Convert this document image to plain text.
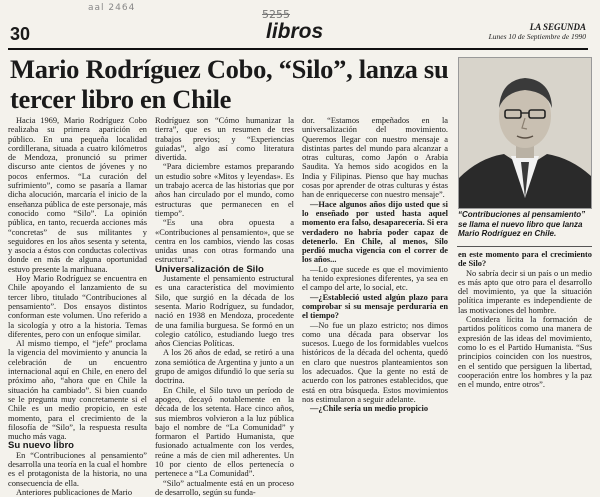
aal 2464	5255
30	libros	LA SEGUNDA
Lunes 10 de Septiembre de 1990
Mario Rodríguez Cobo, “Silo”, lanza su tercer libro en Chile
“Contribuciones al pensamiento” se llama el nuevo libro que lanza Mario Rodríguez en Chile.

Hacia 1969, Mario Rodríguez Cobo realizaba su primera aparición en público. En una pequeña localidad cordillerana, situada a cuatro kilómetros de Mendoza, pronunció su primer discurso ante cientos de jóvenes y no pocos enfermos. “La curación del sufrimiento”, como se pasaría a llamar dicha alocución, marcaría el inicio de la enseñanza pública de este personaje, más conocido como “Silo”. La opinión pública, en tanto, recuerda acciones más “concretas” de sus militantes y seguidores en los años sesenta y setenta, y asocia a éstos con conductas colectivas donde en más de alguna oportunidad estuvo presente la marihuana.

Hoy Mario Rodríguez se encuentra en Chile apoyando el lanzamiento de su tercer libro, titulado “Contribuciones al pensamiento”. Dos ensayos distintos conforman este volumen. Uno referido a la sicología y otro a la historia. Temas diferentes, pero con un enfoque similar.

Al mismo tiempo, el “jefe” proclama la vigencia del movimiento y anuncia la celebración de un encuentro internacional aquí en Chile, en enero del próximo año, “ahora que en Chile la situación ha cambiado”. Si bien cuando se le pregunta muy concretamente si el Chile es un medio propicio, en este momento, para el crecimiento de la filosofía de “Silo”, la respuesta resulta mucho más vaga.

Su nuevo libro

En “Contribuciones al pensamiento” desarrolla una teoría en la cual el hombre es el protagonista de la historia, no una consecuencia de ella.

Anteriores publicaciones de Mario

Rodríguez son “Cómo humanizar la tierra”, que es un resumen de tres trabajos previos; y “Experiencias guiadas”, algo así como literatura divertida.

“Para diciembre estamos preparando un estudio sobre «Mitos y leyendas». Es un trabajo acerca de las historias que por años han circulado por el mundo, como estructuras que permanecen en el tiempo”.

“Es una obra opuesta a «Contribuciones al pensamiento», que se centra en los cambios, viendo las cosas unidas unas con otras formando una estructura”.

Universalización de Silo

Justamente el pensamiento estructural es una característica del movimiento Silo, que surgió en la década de los sesenta. Mario Rodríguez, su fundador, nació en 1938 en Mendoza, procedente de una familia burguesa. Se formó en un colegio católico, estudiando luego tres años Ciencias Políticas.

A los 26 años de edad, se retiró a una zona semiótica de Argentina y junto a un grupo de amigos difundió lo que sería su doctrina.

En Chile, el Silo tuvo un período de apogeo, decayó notablemente en la década de los setenta. Hace cinco años, sus miembros volvieron a la luz pública bajo el nombre de “La Comunidad” y formaron el Partido Humanista, que fusionado actualmente con los verdes, reúne a más de cien mil adherentes. Un 10 por ciento de ellos pertenecía o pertenece a “La Comunidad”.

“Silo” actualmente está en un proceso de desarrollo, según su funda-

dor. “Estamos empeñados en la universalización del movimiento. Queremos llegar con nuestro mensaje a distintas partes del mundo para alcanzar a otras culturas, como Japón o Arabia Saudita. Ya hemos sido acogidos en la India y Filipinas. Pienso que hay muchas cosas por aprender de otras culturas y éstas han de enriquecerse con nuestro mensaje”.

—Hace algunos años dijo usted que si lo enseñado por usted hasta aquel momento era falso, desaparecería. Si era verdadero no habría poder capaz de detenerlo. En Chile, al menos, Silo perdió mucha vigencia con el correr de los años...

—Lo que sucede es que el movimiento ha tenido expresiones diferentes, ya sea en el campo del arte, lo social, etc.

—¿Estableció usted algún plazo para comprobar si su mensaje perduraría en el tiempo?

—No fue un plazo estricto; nos dimos como una década para observar los sucesos. Luego de los formidables vuelcos históricos de la década del ochenta, quedó en claro que nuestros planteamientos son los adecuados. Que la gente no está de acuerdo con los patrones establecidos, que está en otra búsqueda. Estos movimientos nos estimularon a seguir adelante.

—¿Chile sería un medio propicio

en este momento para el crecimiento de Silo?

No sabría decir si un país o un medio es más apto que otro para el desarrollo del movimiento, ya que la situación política imperante es independiente de las motivaciones del hombre.

Considera lícita la formación de partidos políticos como una manera de expresión de las ideas del movimiento, como lo es el Partido Humanista. “Sus principios coinciden con los nuestros, en el sentido que persiguen la libertad, cooperación entre los hombres y la paz en el mundo, entre otros”.
